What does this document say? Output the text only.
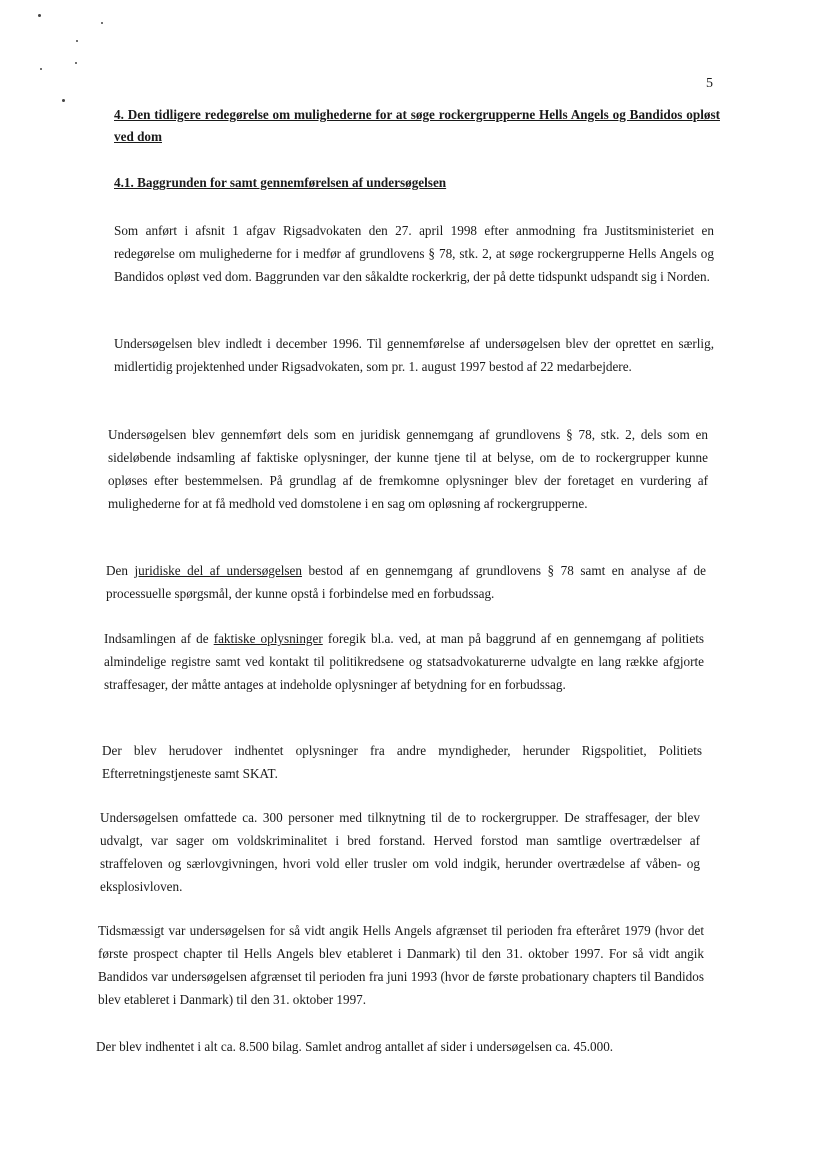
5
4. Den tidligere redegørelse om mulighederne for at søge rockergrupperne Hells Angels og Bandidos opløst ved dom
4.1. Baggrunden for samt gennemførelsen af undersøgelsen

Som anført i afsnit 1 afgav Rigsadvokaten den 27. april 1998 efter anmodning fra Justitsministeriet en redegørelse om mulighederne for i medfør af grundlovens § 78, stk. 2, at søge rockergrupperne Hells Angels og Bandidos opløst ved dom. Baggrunden var den såkaldte rockerkrig, der på dette tidspunkt udspandt sig i Norden.

Undersøgelsen blev indledt i december 1996. Til gennemførelse af undersøgelsen blev der oprettet en særlig, midlertidig projektenhed under Rigsadvokaten, som pr. 1. august 1997 bestod af 22 medarbejdere.

Undersøgelsen blev gennemført dels som en juridisk gennemgang af grundlovens § 78, stk. 2, dels som en sideløbende indsamling af faktiske oplysninger, der kunne tjene til at belyse, om de to rockergrupper kunne opløses efter bestemmelsen. På grundlag af de fremkomne oplysninger blev der foretaget en vurdering af mulighederne for at få medhold ved domstolene i en sag om opløsning af rockergrupperne.

Den juridiske del af undersøgelsen bestod af en gennemgang af grundlovens § 78 samt en analyse af de processuelle spørgsmål, der kunne opstå i forbindelse med en forbudssag.

Indsamlingen af de faktiske oplysninger foregik bl.a. ved, at man på baggrund af en gennemgang af politiets almindelige registre samt ved kontakt til politikredsene og statsadvokaturerne udvalgte en lang række afgjorte straffesager, der måtte antages at indeholde oplysninger af betydning for en forbudssag.

Der blev herudover indhentet oplysninger fra andre myndigheder, herunder Rigspolitiet, Politiets Efterretningstjeneste samt SKAT.

Undersøgelsen omfattede ca. 300 personer med tilknytning til de to rockergrupper. De straffesager, der blev udvalgt, var sager om voldskriminalitet i bred forstand. Herved forstod man samtlige overtrædelser af straffeloven og særlovgivningen, hvori vold eller trusler om vold indgik, herunder overtrædelse af våben- og eksplosivloven.

Tidsmæssigt var undersøgelsen for så vidt angik Hells Angels afgrænset til perioden fra efteråret 1979 (hvor det første prospect chapter til Hells Angels blev etableret i Danmark) til den 31. oktober 1997. For så vidt angik Bandidos var undersøgelsen afgrænset til perioden fra juni 1993 (hvor de første probationary chapters til Bandidos blev etableret i Danmark) til den 31. oktober 1997.

Der blev indhentet i alt ca. 8.500 bilag. Samlet androg antallet af sider i undersøgelsen ca. 45.000.
